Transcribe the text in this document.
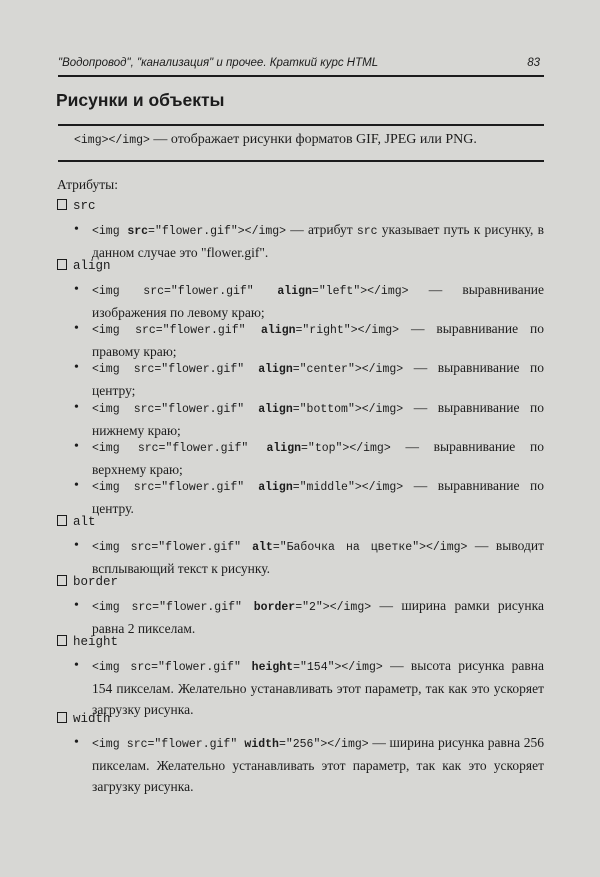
"Водопровод", "канализация" и прочее. Краткий курс HTML	83
Рисунки и объекты
<img></img> — отображает рисунки форматов GIF, JPEG или PNG.
Атрибуты:
src
• <img src="flower.gif"></img> — атрибут src указывает путь к рисунку, в данном случае это "flower.gif".
align
• <img src="flower.gif" align="left"></img> — выравнивание изображения по левому краю;
• <img src="flower.gif" align="right"></img> — выравнивание по правому краю;
• <img src="flower.gif" align="center"></img> — выравнивание по центру;
• <img src="flower.gif" align="bottom"></img> — выравнивание по нижнему краю;
• <img src="flower.gif" align="top"></img> — выравнивание по верхнему краю;
• <img src="flower.gif" align="middle"></img> — выравнивание по центру.
alt
• <img src="flower.gif" alt="Бабочка на цветке"></img> — выводит всплывающий текст к рисунку.
border
• <img src="flower.gif" border="2"></img> — ширина рамки рисунка равна 2 пикселам.
height
• <img src="flower.gif" height="154"></img> — высота рисунка равна 154 пикселам. Желательно устанавливать этот параметр, так как это ускоряет загрузку рисунка.
width
• <img src="flower.gif" width="256"></img> — ширина рисунка равна 256 пикселам. Желательно устанавливать этот параметр, так как это ускоряет загрузку рисунка.
